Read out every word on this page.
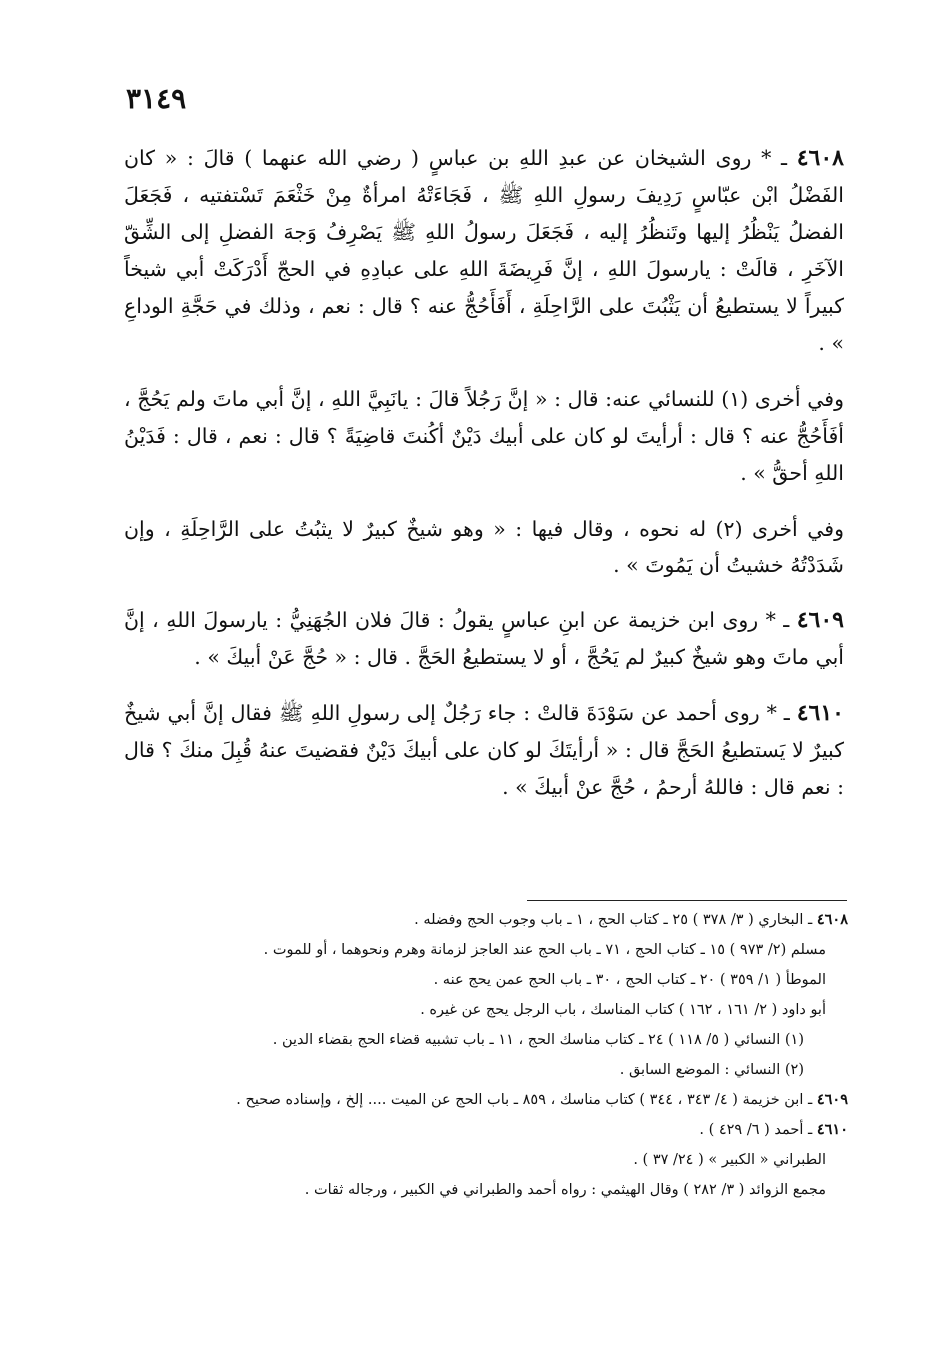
٣١٤٩

٤٦٠٨ ـ * روى الشيخان عن عبدِ اللهِ بن عباسٍ ( رضي الله عنهما ) قالَ : « كان الفَضْلُ ابْن عبّاسٍ رَدِيفَ رسولِ اللهِ ﷺ ، فَجَاءَتْهُ امرأةٌ مِنْ خَثْعَمَ تَسْتفتيه ، فَجَعَلَ الفضلُ يَنْظُرُ إليها وتَنظُرُ إليه ، فَجَعَلَ رسولُ اللهِ ﷺ يَصْرِفُ وَجهَ الفضلِ إلى الشِّقّ الآخَرِ ، قالَتْ : يارسولَ اللهِ ، إنَّ فَرِيضَةَ اللهِ على عبادِهِ في الحجّ أَدْرَكَتْ أبي شيخاً كبيراً لا يستطيعُ أن يَثْبُتَ على الرَّاحِلَةِ ، أَفَأَحُجُّ عنه ؟ قال : نعم ، وذلك في حَجَّةِ الوداعِ » .

وفي أخرى (١) للنسائي عنه: قال : « إنَّ رَجُلاً قالَ : يانَبِيَّ اللهِ ، إنَّ أبي ماتَ ولم يَحُجَّ ، أفَأَحُجُّ عنه ؟ قال : أرأيتَ لو كان على أبيك دَيْنٌ أكُنتَ قاضِيَةً ؟ قال : نعم ، قال : فَدَيْنُ اللهِ أحقُّ » .

وفي أخرى (٢) له نحوه ، وقال فيها : « وهو شيخٌ كبيرٌ لا يثبُتُ على الرَّاحِلَةِ ، وإن شَدَدْتُهُ خشيتُ أن يَمُوتَ » .

٤٦٠٩ ـ * روى ابن خزيمة عن ابنِ عباسٍ يقولُ : قالَ فلان الجُهَنِيُّ : يارسولَ اللهِ ، إنَّ أبي ماتَ وهو شيخٌ كبيرٌ لم يَحُجَّ ، أو لا يستطيعُ الحَجَّ . قال : « حُجَّ عَنْ أبيكَ » .

٤٦١٠ ـ * روى أحمد عن سَوْدَةَ قالتْ : جاء رَجُلٌ إلى رسولِ اللهِ ﷺ فقال إنَّ أبي شيخٌ كبيرٌ لا يَستطيعُ الحَجَّ قال : « أرأيتَكَ لو كان على أبيكَ دَيْنٌ فقضيتَ عنهُ قُبِلَ منكَ ؟ قال : نعم قال : فاللهُ أرحمُ ، حُجَّ عنْ أبيكَ » .

٤٦٠٨ ـ البخاري ( ٣/ ٣٧٨ ) ٢٥ ـ كتاب الحج ، ١ ـ باب وجوب الحج وفضله .

مسلم (٢/ ٩٧٣ ) ١٥ ـ كتاب الحج ، ٧١ ـ باب الحج عند العاجز لزمانة وهرم ونحوهما ، أو للموت .

الموطأ ( ١/ ٣٥٩ ) ٢٠ ـ كتاب الحج ، ٣٠ ـ باب الحج عمن يحج عنه .

أبو داود ( ٢/ ١٦١ ، ١٦٢ ) كتاب المناسك ، باب الرجل يحج عن غيره .

(١) النسائي ( ٥/ ١١٨ ) ٢٤ ـ كتاب مناسك الحج ، ١١ ـ باب تشبيه قضاء الحج بقضاء الدين .

(٢) النسائي : الموضع السابق .

٤٦٠٩ ـ ابن خزيمة ( ٤/ ٣٤٣ ، ٣٤٤ ) كتاب مناسك ، ٨٥٩ ـ باب الحج عن الميت .... إلخ ، وإسناده صحيح .

٤٦١٠ ـ أحمد ( ٦/ ٤٢٩ ) .

الطبراني « الكبير » ( ٢٤/ ٣٧ ) .

مجمع الزوائد ( ٣/ ٢٨٢ ) وقال الهيثمي : رواه أحمد والطبراني في الكبير ، ورجاله ثقات .
